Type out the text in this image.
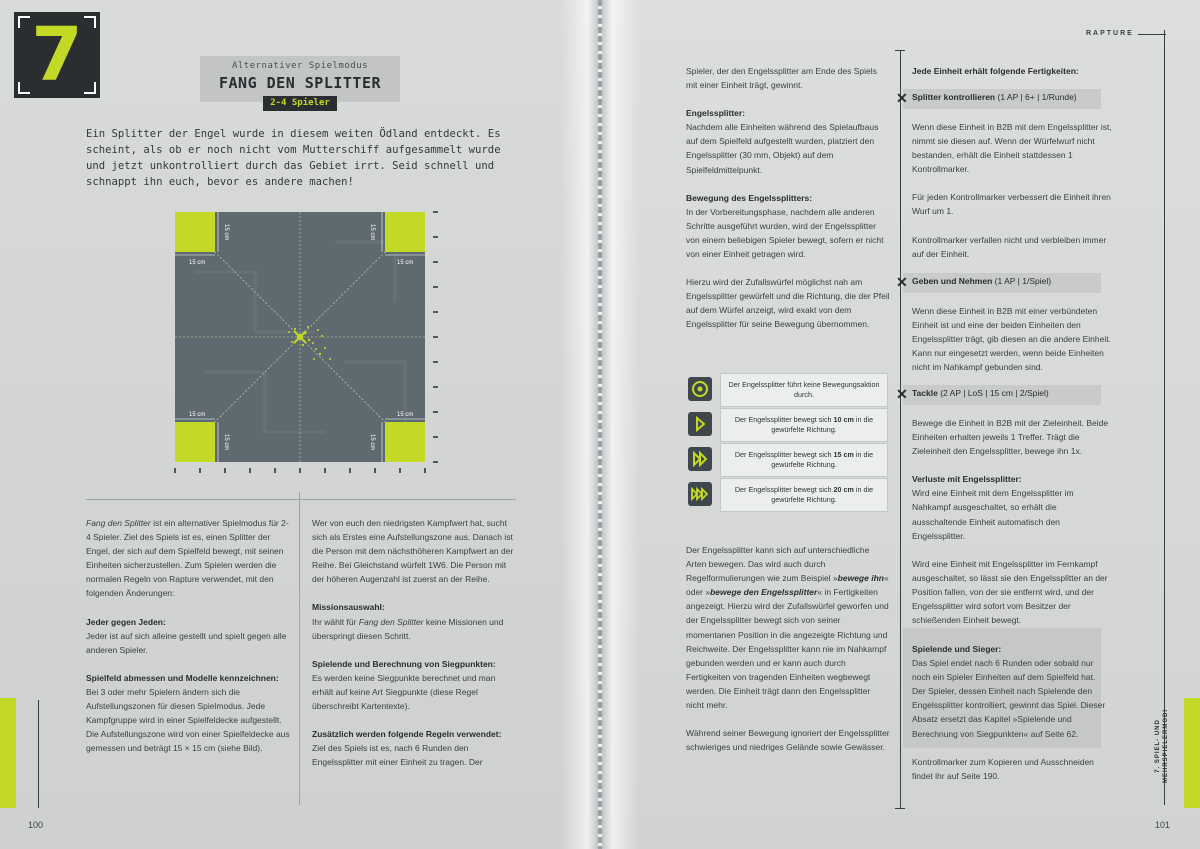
7	Alternativer Spielmodus
FANG DEN SPLITTER
2-4 Spieler
Ein Splitter der Engel wurde in diesem weiten Ödland entdeckt. Es scheint, als ob er noch nicht vom Mutterschiff aufgesammelt wurde und jetzt unkontrolliert durch das Gebiet irrt. Seid schnell und schnappt ihn euch, bevor es andere machen!
15 cm	15 cm
15 cm	15 cm
15 cm	15 cm
15 cm	15 cm

Fang den Splitter ist ein alternativer Spielmodus für 2-4 Spieler. Ziel des Spiels ist es, einen Splitter der Engel, der sich auf dem Spielfeld bewegt, mit seinen Einheiten sicherzustellen. Zum Spielen werden die normalen Regeln von Rapture verwendet, mit den folgenden Änderungen:

Jeder gegen Jeden:

Jeder ist auf sich alleine gestellt und spielt gegen alle anderen Spieler.

Spielfeld abmessen und Modelle kennzeichnen:

Bei 3 oder mehr Spielern ändern sich die Aufstellungszonen für diesen Spielmodus. Jede Kampfgruppe wird in einer Spielfeldecke aufgestellt. Die Aufstellungszone wird von einer Spielfeldecke aus gemessen und beträgt 15 × 15 cm (siehe Bild).

Wer von euch den niedrigsten Kampfwert hat, sucht sich als Erstes eine Aufstellungszone aus. Danach ist die Person mit dem nächsthöheren Kampfwert an der Reihe. Bei Gleichstand würfelt 1W6. Die Person mit der höheren Augenzahl ist zuerst an der Reihe.

Missionsauswahl:

Ihr wählt für Fang den Splitter keine Missionen und überspringt diesen Schritt.

Spielende und Berechnung von Siegpunkten:

Es werden keine Siegpunkte berechnet und man erhält auf keine Art Siegpunkte (diese Regel überschreibt Kartentexte).

Zusätzlich werden folgende Regeln verwendet:

Ziel des Spiels ist es, nach 6 Runden den Engelssplitter mit einer Einheit zu tragen. Der

100
RAPTURE

Spieler, der den Engelssplitter am Ende des Spiels mit einer Einheit trägt, gewinnt.

Engelssplitter:

Nachdem alle Einheiten während des Spielaufbaus auf dem Spielfeld aufgestellt wurden, platziert den Engelssplitter (30 mm, Objekt) auf dem Spielfeldmittelpunkt.

Bewegung des Engelssplitters:

In der Vorbereitungsphase, nachdem alle anderen Schritte ausgeführt wurden, wird der Engelssplitter von einem beliebigen Spieler bewegt, sofern er nicht von einer Einheit getragen wird.

Hierzu wird der Zufallswürfel möglichst nah am Engelssplitter gewürfelt und die Richtung, die der Pfeil auf dem Würfel anzeigt, wird exakt von dem Engelssplitter für seine Bewegung übernommen.

Der Engelssplitter führt keine Bewegungsaktion durch.
Der Engelssplitter bewegt sich 10 cm in die gewürfelte Richtung.
Der Engelssplitter bewegt sich 15 cm in die gewürfelte Richtung.
Der Engelssplitter bewegt sich 20 cm in die gewürfelte Richtung.

Der Engelssplitter kann sich auf unterschiedliche Arten bewegen. Das wird auch durch Regelformulierungen wie zum Beispiel »bewege ihn« oder »bewege den Engelssplitter« in Fertigkeiten angezeigt. Hierzu wird der Zufallswürfel geworfen und der Engelssplitter bewegt sich von seiner momentanen Position in die angezeigte Richtung und Reichweite. Der Engelssplitter kann nie im Nahkampf gebunden werden und er kann auch durch Fertigkeiten von tragenden Einheiten wegbewegt werden. Die Einheit trägt dann den Engelssplitter nicht mehr.

Während seiner Bewegung ignoriert der Engelssplitter schwieriges und niedriges Gelände sowie Gewässer.

Jede Einheit erhält folgende Fertigkeiten:
✕ Splitter kontrollieren (1 AP | 6+ | 1/Runde)

Wenn diese Einheit in B2B mit dem Engelssplitter ist, nimmt sie diesen auf. Wenn der Würfelwurf nicht bestanden, erhält die Einheit stattdessen 1 Kontrollmarker.

Für jeden Kontrollmarker verbessert die Einheit ihren Wurf um 1.

Kontrollmarker verfallen nicht und verbleiben immer auf der Einheit.

✕ Geben und Nehmen (1 AP | 1/Spiel)

Wenn diese Einheit in B2B mit einer verbündeten Einheit ist und eine der beiden Einheiten den Engelssplitter trägt, gib diesen an die andere Einheit. Kann nur eingesetzt werden, wenn beide Einheiten nicht im Nahkampf gebunden sind.

✕ Tackle (2 AP | LoS | 15 cm | 2/Spiel)

Bewege die Einheit in B2B mit der Zieleinheit. Beide Einheiten erhalten jeweils 1 Treffer. Trägt die Zieleinheit den Engelssplitter, bewege ihn 1x.

Verluste mit Engelssplitter:

Wird eine Einheit mit dem Engelssplitter im Nahkampf ausgeschaltet, so erhält die ausschaltende Einheit automatisch den Engelssplitter.

Wird eine Einheit mit Engelssplitter im Fernkampf ausgeschaltet, so lässt sie den Engelssplitter an der Position fallen, von der sie entfernt wird, und der Engelssplitter wird sofort vom Besitzer der schießenden Einheit bewegt.

Spielende und Sieger:

Das Spiel endet nach 6 Runden oder sobald nur noch ein Spieler Einheiten auf dem Spielfeld hat. Der Spieler, dessen Einheit nach Spielende den Engelssplitter kontrolliert, gewinnt das Spiel. Dieser Absatz ersetzt das Kapitel »Spielende und Berechnung von Siegpunkten« auf Seite 62.

Kontrollmarker zum Kopieren und Ausschneiden findet ihr auf Seite 190.

7. SPIEL- UND MEHRSPIELERMODI
101
